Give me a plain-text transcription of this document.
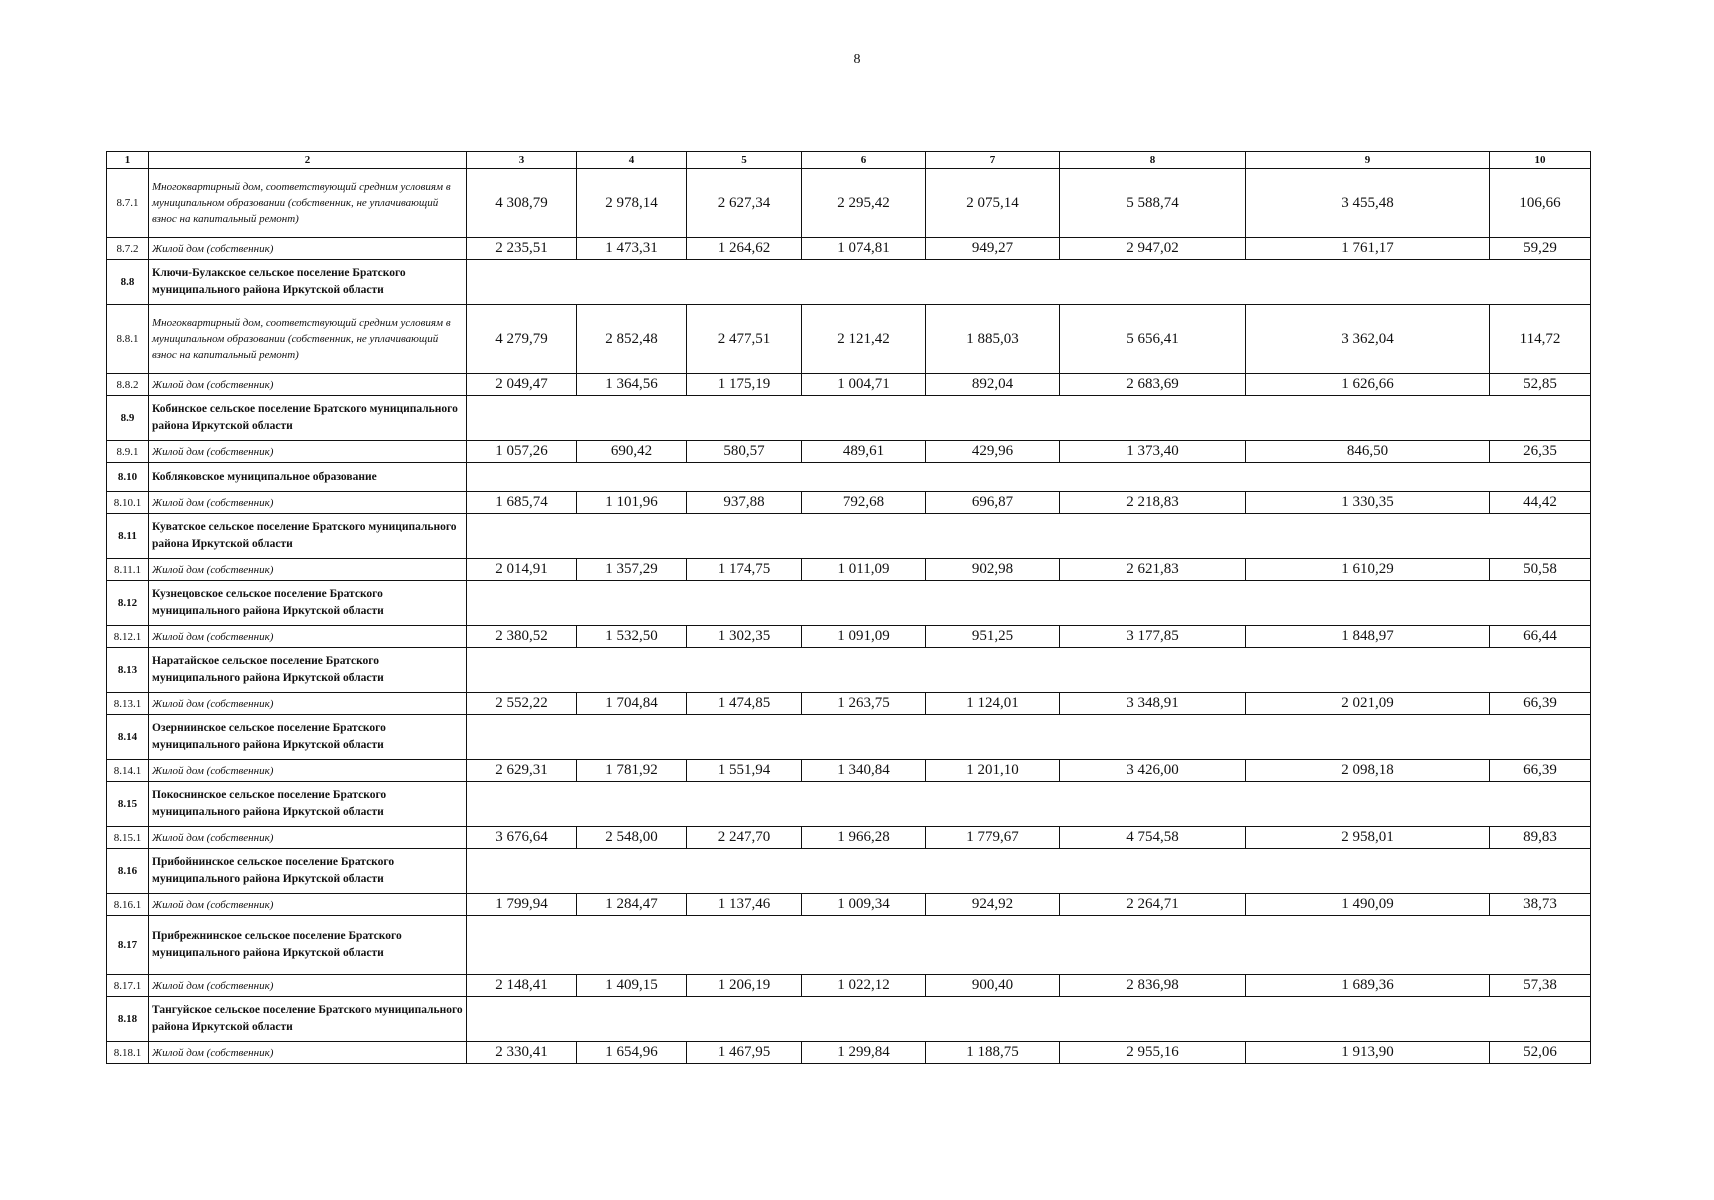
8
1	2	3	4	5	6	7	8	9	10
8.7.1	Многоквартирный дом, соответствующий средним условиям в муниципальном образовании (собственник, не уплачивающий взнос на капитальный ремонт)	4 308,79	2 978,14	2 627,34	2 295,42	2 075,14	5 588,74	3 455,48	106,66
8.7.2	Жилой дом (собственник)	2 235,51	1 473,31	1 264,62	1 074,81	949,27	2 947,02	1 761,17	59,29
8.8	Ключи-Булакское сельское поселение Братского муниципального района Иркутской области								
8.8.1	Многоквартирный дом, соответствующий средним условиям в муниципальном образовании (собственник, не уплачивающий взнос на капитальный ремонт)	4 279,79	2 852,48	2 477,51	2 121,42	1 885,03	5 656,41	3 362,04	114,72
8.8.2	Жилой дом (собственник)	2 049,47	1 364,56	1 175,19	1 004,71	892,04	2 683,69	1 626,66	52,85
8.9	Кобинское сельское поселение Братского муниципального района Иркутской области								
8.9.1	Жилой дом (собственник)	1 057,26	690,42	580,57	489,61	429,96	1 373,40	846,50	26,35
8.10	Кобляковское муниципальное образование								
8.10.1	Жилой дом (собственник)	1 685,74	1 101,96	937,88	792,68	696,87	2 218,83	1 330,35	44,42
8.11	Куватское сельское поселение Братского муниципального района Иркутской области								
8.11.1	Жилой дом (собственник)	2 014,91	1 357,29	1 174,75	1 011,09	902,98	2 621,83	1 610,29	50,58
8.12	Кузнецовское сельское поселение Братского муниципального района Иркутской области								
8.12.1	Жилой дом (собственник)	2 380,52	1 532,50	1 302,35	1 091,09	951,25	3 177,85	1 848,97	66,44
8.13	Наратайское сельское поселение Братского муниципального района Иркутской области								
8.13.1	Жилой дом (собственник)	2 552,22	1 704,84	1 474,85	1 263,75	1 124,01	3 348,91	2 021,09	66,39
8.14	Озерниинское сельское поселение Братского муниципального района Иркутской области								
8.14.1	Жилой дом (собственник)	2 629,31	1 781,92	1 551,94	1 340,84	1 201,10	3 426,00	2 098,18	66,39
8.15	Покоснинское сельское поселение Братского муниципального района Иркутской области								
8.15.1	Жилой дом (собственник)	3 676,64	2 548,00	2 247,70	1 966,28	1 779,67	4 754,58	2 958,01	89,83
8.16	Прибойнинское сельское поселение Братского муниципального района Иркутской области								
8.16.1	Жилой дом (собственник)	1 799,94	1 284,47	1 137,46	1 009,34	924,92	2 264,71	1 490,09	38,73
8.17	Прибрежнинское сельское поселение Братского муниципального района Иркутской области								
8.17.1	Жилой дом (собственник)	2 148,41	1 409,15	1 206,19	1 022,12	900,40	2 836,98	1 689,36	57,38
8.18	Тангуйское сельское поселение Братского муниципального района Иркутской области								
8.18.1	Жилой дом (собственник)	2 330,41	1 654,96	1 467,95	1 299,84	1 188,75	2 955,16	1 913,90	52,06
